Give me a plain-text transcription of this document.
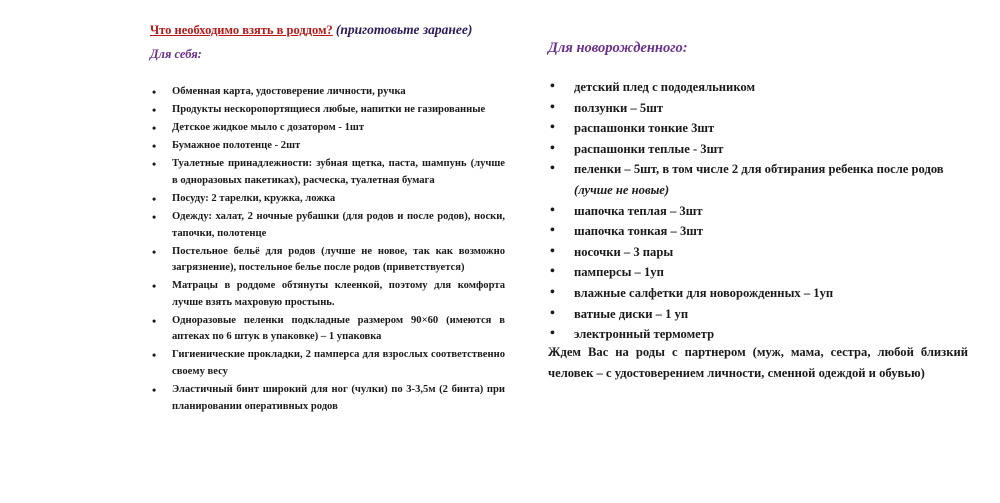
Что необходимо взять в роддом? (приготовьте заранее)
Для себя:
• Обменная карта, удостоверение личности, ручка
• Продукты нескоропортящиеся любые, напитки не газированные
• Детское жидкое мыло с дозатором - 1шт
• Бумажное полотенце - 2шт
• Туалетные принадлежности: зубная щетка, паста, шампунь (лучше в одноразовых пакетиках), расческа, туалетная бумага
• Посуду: 2 тарелки, кружка, ложка
• Одежду: халат, 2 ночные рубашки (для родов и после родов), носки, тапочки, полотенце
• Постельное бельё для родов (лучше не новое, так как возможно загрязнение), постельное белье после родов (приветствуется)
• Матрацы в роддоме обтянуты клеенкой, поэтому для комфорта лучше взять махровую простынь.
• Одноразовые пеленки подкладные размером 90×60 (имеются в аптеках по 6 штук в упаковке) – 1 упаковка
• Гигиенические прокладки, 2 памперса для взрослых соответственно своему весу
• Эластичный бинт широкий для ног (чулки) по 3-3,5м (2 бинта) при планировании оперативных родов
Для новорожденного:
• детский плед с пододеяльником
• ползунки – 5шт
• распашонки тонкие 3шт
• распашонки теплые - 3шт
• пеленки – 5шт, в том числе 2 для обтирания ребенка после родов (лучше не новые)
• шапочка теплая – 3шт
• шапочка тонкая – 3шт
• носочки – 3 пары
• памперсы – 1уп
• влажные салфетки для новорожденных – 1уп
• ватные диски – 1 уп
• электронный термометр
Ждем Вас на роды с партнером (муж, мама, сестра, любой близкий человек – с удостоверением личности, сменной одеждой и обувью)
